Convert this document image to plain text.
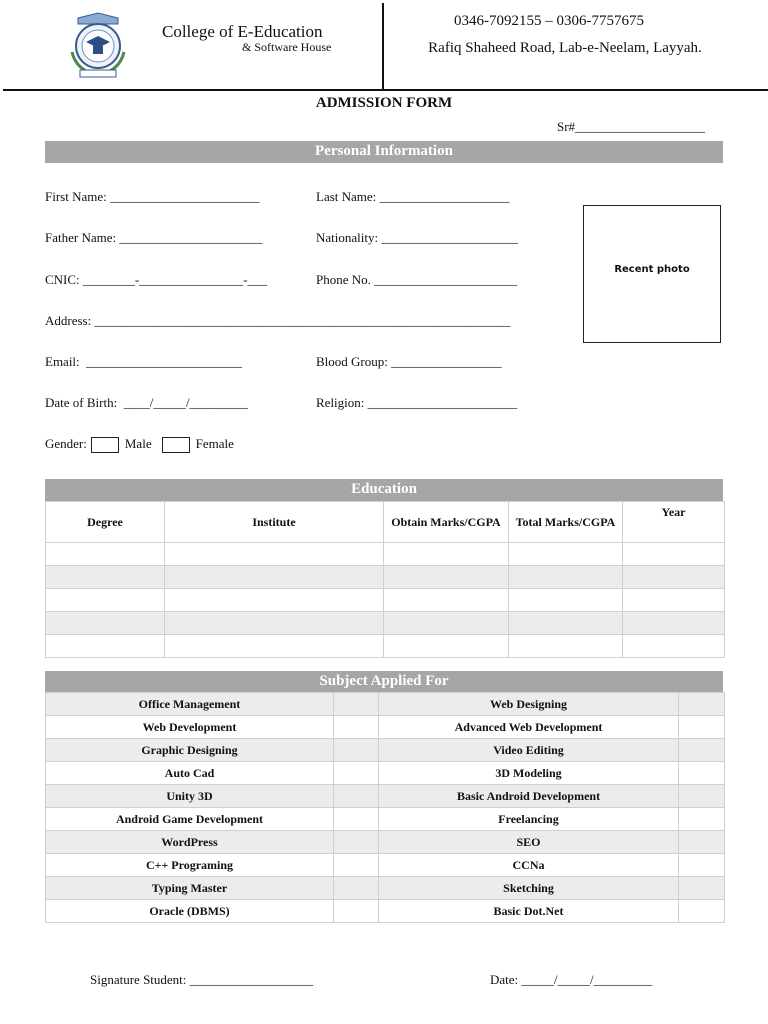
College of E-Education
& Software House
0346-7092155 – 0306-7757675
Rafiq Shaheed Road, Lab-e-Neelam, Layyah.
ADMISSION FORM
Sr#____________________
Personal Information
First Name: _______________________	Last Name: ____________________
Father Name: ______________________	Nationality: _____________________
CNIC: ________-________________-___	Phone No. ______________________
Address: ________________________________________________________________
Email:  ________________________	Blood Group: _________________
Date of Birth:  ____/_____/_________	Religion: _______________________
Gender:	Male	Female
Recent photo
Education
Degree	Institute	Obtain Marks/CGPA	Total Marks/CGPA	Year

Subject Applied For
Office Management		Web Designing	
Web Development		Advanced Web Development	
Graphic Designing		Video Editing	
Auto Cad		3D Modeling	
Unity 3D		Basic Android Development	
Android Game Development		Freelancing	
WordPress		SEO	
C++ Programing		CCNa	
Typing Master		Sketching	
Oracle (DBMS)		Basic Dot.Net	
Signature Student: ___________________	Date: _____/_____/_________
